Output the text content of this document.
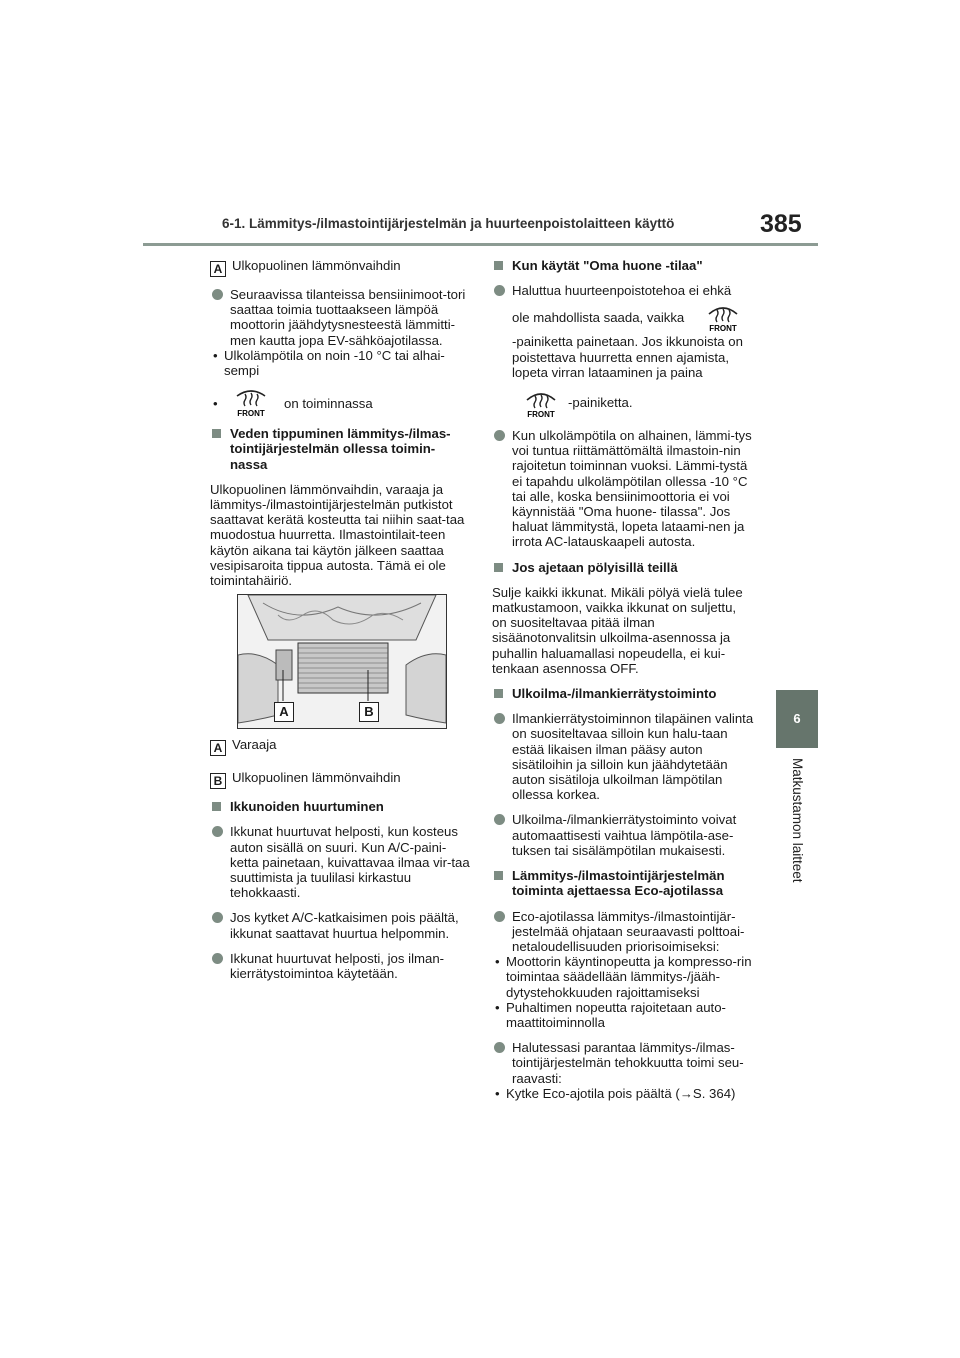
6-1. Lämmitys-/ilmastointijärjestelmän ja huurteenpoistolaitteen käyttö	385
6
Matkustamon laitteet

A Ulkopuolinen lämmönvaihdin

Seuraavissa tilanteissa bensiinimoot-tori saattaa toimia tuottaakseen lämpöä moottorin jäähdytysnesteestä lämmitti-men kautta jopa EV-sähköajotilassa.

• Ulkolämpötila on noin -10 °C tai alhai-sempi
•
FRONT
on toiminnassa

Veden tippuminen lämmitys-/ilmas-tointijärjestelmän ollessa toimin-nassa

Ulkopuolinen lämmönvaihdin, varaaja ja lämmitys-/ilmastointijärjestelmän putkistot saattavat kerätä kosteutta tai niihin saat-taa muodostua huurretta. Ilmastointilait-teen käytön aikana tai käytön jälkeen saattaa vesipisaroita tippua autosta. Tämä ei ole toimintahäiriö.

A	B

A Varaaja

B Ulkopuolinen lämmönvaihdin

Ikkunoiden huurtuminen

Ikkunat huurtuvat helposti, kun kosteus auton sisällä on suuri. Kun A/C-paini-ketta painetaan, kuivattavaa ilmaa vir-taa suuttimista ja tuulilasi kirkastuu tehokkaasti.

Jos kytket A/C-katkaisimen pois päältä, ikkunat saattavat huurtua helpommin.

Ikkunat huurtuvat helposti, jos ilman-kierrätystoimintoa käytetään.

Kun käytät "Oma huone -tilaa"

Haluttua huurteenpoistotehoa ei ehkä

ole mahdollista saada, vaikka
FRONT

-painiketta painetaan. Jos ikkunoista on poistettava huurretta ennen ajamista, lopeta virran lataaminen ja paina

FRONT
-painiketta.

Kun ulkolämpötila on alhainen, lämmi-tys voi tuntua riittämättömältä ilmastoin-nin rajoitetun toiminnan vuoksi. Lämmi-tystä ei tapahdu ulkolämpötilan ollessa -10 °C tai alle, koska bensiinimoottoria ei voi käynnistää "Oma huone- tilassa". Jos haluat lämmitystä, lopeta lataami-nen ja irrota AC-latauskaapeli autosta.

Jos ajetaan pölyisillä teillä

Sulje kaikki ikkunat. Mikäli pölyä vielä tulee matkustamoon, vaikka ikkunat on suljettu, on suositeltavaa pitää ilman sisäänotonvalitsin ulkoilma-asennossa ja puhallin haluamallasi nopeudella, ei kui-tenkaan asennossa OFF.

Ulkoilma-/ilmankierrätystoiminto

Ilmankierrätystoiminnon tilapäinen valinta on suositeltavaa silloin kun halu-taan estää likaisen ilman pääsy auton sisätiloihin ja silloin kun jäähdytetään auton sisätiloja ulkoilman lämpötilan ollessa korkea.

Ulkoilma-/ilmankierrätystoiminto voivat automaattisesti vaihtua lämpötila-ase-tuksen tai sisälämpötilan mukaisesti.

Lämmitys-/ilmastointijärjestelmän toiminta ajettaessa Eco-ajotilassa

Eco-ajotilassa lämmitys-/ilmastointijär-jestelmää ohjataan seuraavasti polttoai-netaloudellisuuden priorisoimiseksi:

• Moottorin käyntinopeutta ja kompresso-rin toimintaa säädellään lämmitys-/jääh-dytystehokkuuden rajoittamiseksi
• Puhaltimen nopeutta rajoitetaan auto-maattitoiminnolla

Halutessasi parantaa lämmitys-/ilmas-tointijärjestelmän tehokkuutta toimi seu-raavasti:

• Kytke Eco-ajotila pois päältä (→S. 364)
